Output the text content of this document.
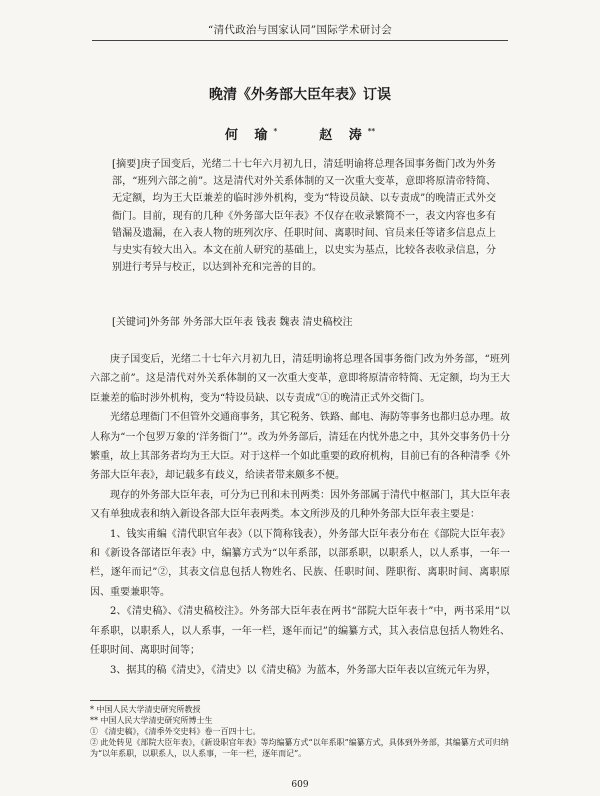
“清代政治与国家认同”国际学术研讨会
晚清《外务部大臣年表》订误
何 瑜*	赵 涛**
[摘要]庚子国变后，光绪二十七年六月初九日，清廷明谕将总理各国事务衙门改为外务部，“班列六部之前”。这是清代对外关系体制的又一次重大变革，意即将原清帝特简、无定额，均为王大臣兼差的临时涉外机构，变为“特设员缺、以专责成”的晚清正式外交衙门。目前，现有的几种《外务部大臣年表》不仅存在收录繁简不一，表文内容也多有错漏及遗漏，在入表人物的班列次序、任职时间、离职时间、官员来任等诸多信息点上与史实有较大出入。本文在前人研究的基础上，以史实为基点，比较各表收录信息，分别进行考异与校正，以达到补充和完善的目的。
[关键词]外务部 外务部大臣年表 钱表 魏表 清史稿校注

庚子国变后，光绪二十七年六月初九日，清廷明谕将总理各国事务衙门改为外务部，“班列六部之前”。这是清代对外关系体制的又一次重大变革，意即将原清帝特简、无定额，均为王大臣兼差的临时涉外机构，变为“特设员缺、以专责成”①的晚清正式外交衙门。

光绪总理衙门不但管外交通商事务，其它税务、铁路、邮电、海防等事务也都归总办理。故人称为“一个包罗万象的‘洋务衙门’”。改为外务部后，清廷在内忧外患之中，其外交事务仍十分繁重，故上其部务者均为王大臣。对于这样一个如此重要的政府机构，目前已有的各种清季《外务部大臣年表》，却记载多有歧义，给读者带来颇多不便。

现存的外务部大臣年表，可分为已刊和未刊两类：因外务部属于清代中枢部门，其大臣年表又有单独成表和纳入新设各部大臣年表两类。本文所涉及的几种外务部大臣年表主要是：

1、钱实甫编《清代职官年表》（以下简称钱表），外务部大臣年表分布在《部院大臣年表》和《新设各部诸臣年表》中，编纂方式为“以年系部，以部系职，以职系人，以人系事，一年一栏，逐年而记”②，其表文信息包括人物姓名、民族、任职时间、陛职衔、离职时间、离职原因、重要兼职等。

2、《清史稿》、《清史稿校注》。外务部大臣年表在两书“部院大臣年表十”中，两书采用“以年系职，以职系人，以人系事，一年一栏，逐年而记”的编纂方式，其入表信息包括人物姓名、任职时间、离职时间等；

3、据其的稿《清史》，《清史》以《清史稿》为蓝本，外务部大臣年表以宣统元年为界，

* 中国人民大学清史研究所教授
** 中国人民大学清史研究所博士生
① 《清史稿》，《清季外交史料》卷一百四十七。
② 此处转见《部院大臣年表》，《新设职官年表》等均编纂方式“以年系职”编纂方式，具体到外务部，其编纂方式可归纳为“以年系职，以职系人，以人系事，一年一栏，逐年而记”。
609
